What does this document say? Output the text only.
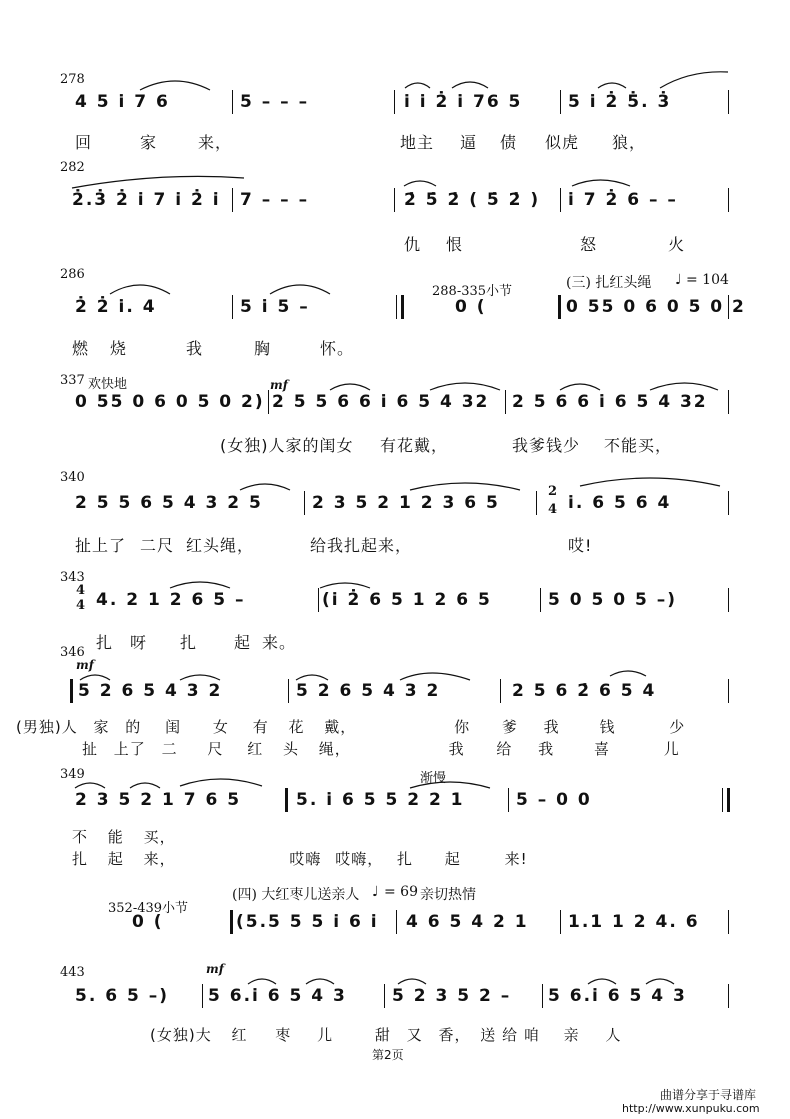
278
4 5 i̇ 7 6	5 – – –	i̇ i̇ 2̇ i̇ 76 5	5 i̇ 2̇ 5̇. 3̇
回	家	来，	地主 逼 债 似虎 狼，
282
2̇.3̇ 2̇ i̇ 7 i̇ 2̇ i̇ 7 – – –	2̇ 5̇ 2̇ ( 5̇ 2̇ ) i̇ 7 2̇ 6 – –
仇 恨	怒	火
286
2̇ 2̇ i̇. 4	5 i̇ 5 –
288-335小节
0 (
(三) 扎红头绳 ♩ = 104
0 55 0 6 0 5 0 2
燃 烧	我	胸	怀。
337 欢快地	mf
0 55 0 6 0 5 0 2) 2 5 5 6 6 i̇ 6 5 4 32 2 5 6 6 i̇ 6 5 4 32
(女独)人家的闺女 有花戴，	我爹钱少 不能买，
340
2 5 5 6 5 4 3 2 5	2 3 5 2 1 2 3 6 5
2
4 i̇. 6 5 6 4
扯上了 二尺 红头绳，	给我扎起来，	哎!
343
4
4 4. 2 1 2 6 5 –	(i̇ 2̇ 6 5 1 2 6 5	5 0 5 0 5 –)
扎 呀 扎 起 来。
346
mf
5 2 6 5 4 3 2	5 2 6 5 4 3 2	2 5 6 2̇ 6 5 4
(男独)人 家 的 闺 女 有 花 戴，	你 爹 我	钱	少
扯 上了 二 尺 红 头 绳，	我 给 我	喜	儿
349	渐慢
2 3 5 2 1 7 6 5	5. i̇ 6 5 5 2 2 1	5 – 0 0
不 能 买，
扎 起 来，	哎嗨 哎嗨， 扎 起	来!
352-439小节
0 (
(四) 大红枣儿送亲人 ♩ = 69 亲切热情
(5.5 5 5 i̇ 6 i̇ 4 6 5 4 2 1 1.1 1 2 4. 6
443	mf
5. 6 5 –) 5 6.i̇ 6 5 4 3	5 2 3 5 2 – 5 6.i̇ 6 5 4 3
(女独)大 红 枣 儿	甜 又 香， 送 给 咱 亲 人
第2页
曲谱分享于寻谱库
http://www.xunpuku.com
